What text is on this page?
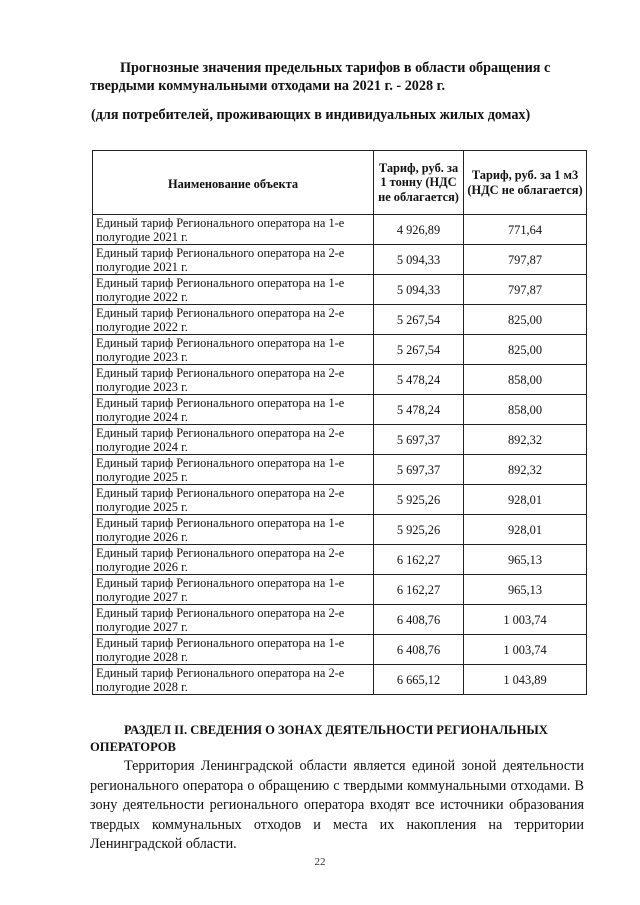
Прогнозные значения предельных тарифов в области обращения с
твердыми коммунальными отходами на 2021 г. - 2028 г.

(для потребителей, проживающих в индивидуальных жилых домах)

Наименование объекта	Тариф, руб. за 1 тонну (НДС не облагается)	Тариф, руб. за 1 м3 (НДС не облагается)
Единый тариф Регионального оператора на 1-е полугодие 2021 г.	4 926,89	771,64
Единый тариф Регионального оператора на 2-е полугодие 2021 г.	5 094,33	797,87
Единый тариф Регионального оператора на 1-е полугодие 2022 г.	5 094,33	797,87
Единый тариф Регионального оператора на 2-е полугодие 2022 г.	5 267,54	825,00
Единый тариф Регионального оператора на 1-е полугодие 2023 г.	5 267,54	825,00
Единый тариф Регионального оператора на 2-е полугодие 2023 г.	5 478,24	858,00
Единый тариф Регионального оператора на 1-е полугодие 2024 г.	5 478,24	858,00
Единый тариф Регионального оператора на 2-е полугодие 2024 г.	5 697,37	892,32
Единый тариф Регионального оператора на 1-е полугодие 2025 г.	5 697,37	892,32
Единый тариф Регионального оператора на 2-е полугодие 2025 г.	5 925,26	928,01
Единый тариф Регионального оператора на 1-е полугодие 2026 г.	5 925,26	928,01
Единый тариф Регионального оператора на 2-е полугодие 2026 г.	6 162,27	965,13
Единый тариф Регионального оператора на 1-е полугодие 2027 г.	6 162,27	965,13
Единый тариф Регионального оператора на 2-е полугодие 2027 г.	6 408,76	1 003,74
Единый тариф Регионального оператора на 1-е полугодие 2028 г.	6 408,76	1 003,74
Единый тариф Регионального оператора на 2-е полугодие 2028 г.	6 665,12	1 043,89
РАЗДЕЛ II. СВЕДЕНИЯ О ЗОНАХ ДЕЯТЕЛЬНОСТИ РЕГИОНАЛЬНЫХ
ОПЕРАТОРОВ

Территория Ленинградской области является единой зоной деятельности регионального оператора о обращению с твердыми коммунальными отходами. В зону деятельности регионального оператора входят все источники образования твердых коммунальных отходов и места их накопления на территории Ленинградской области.

22
